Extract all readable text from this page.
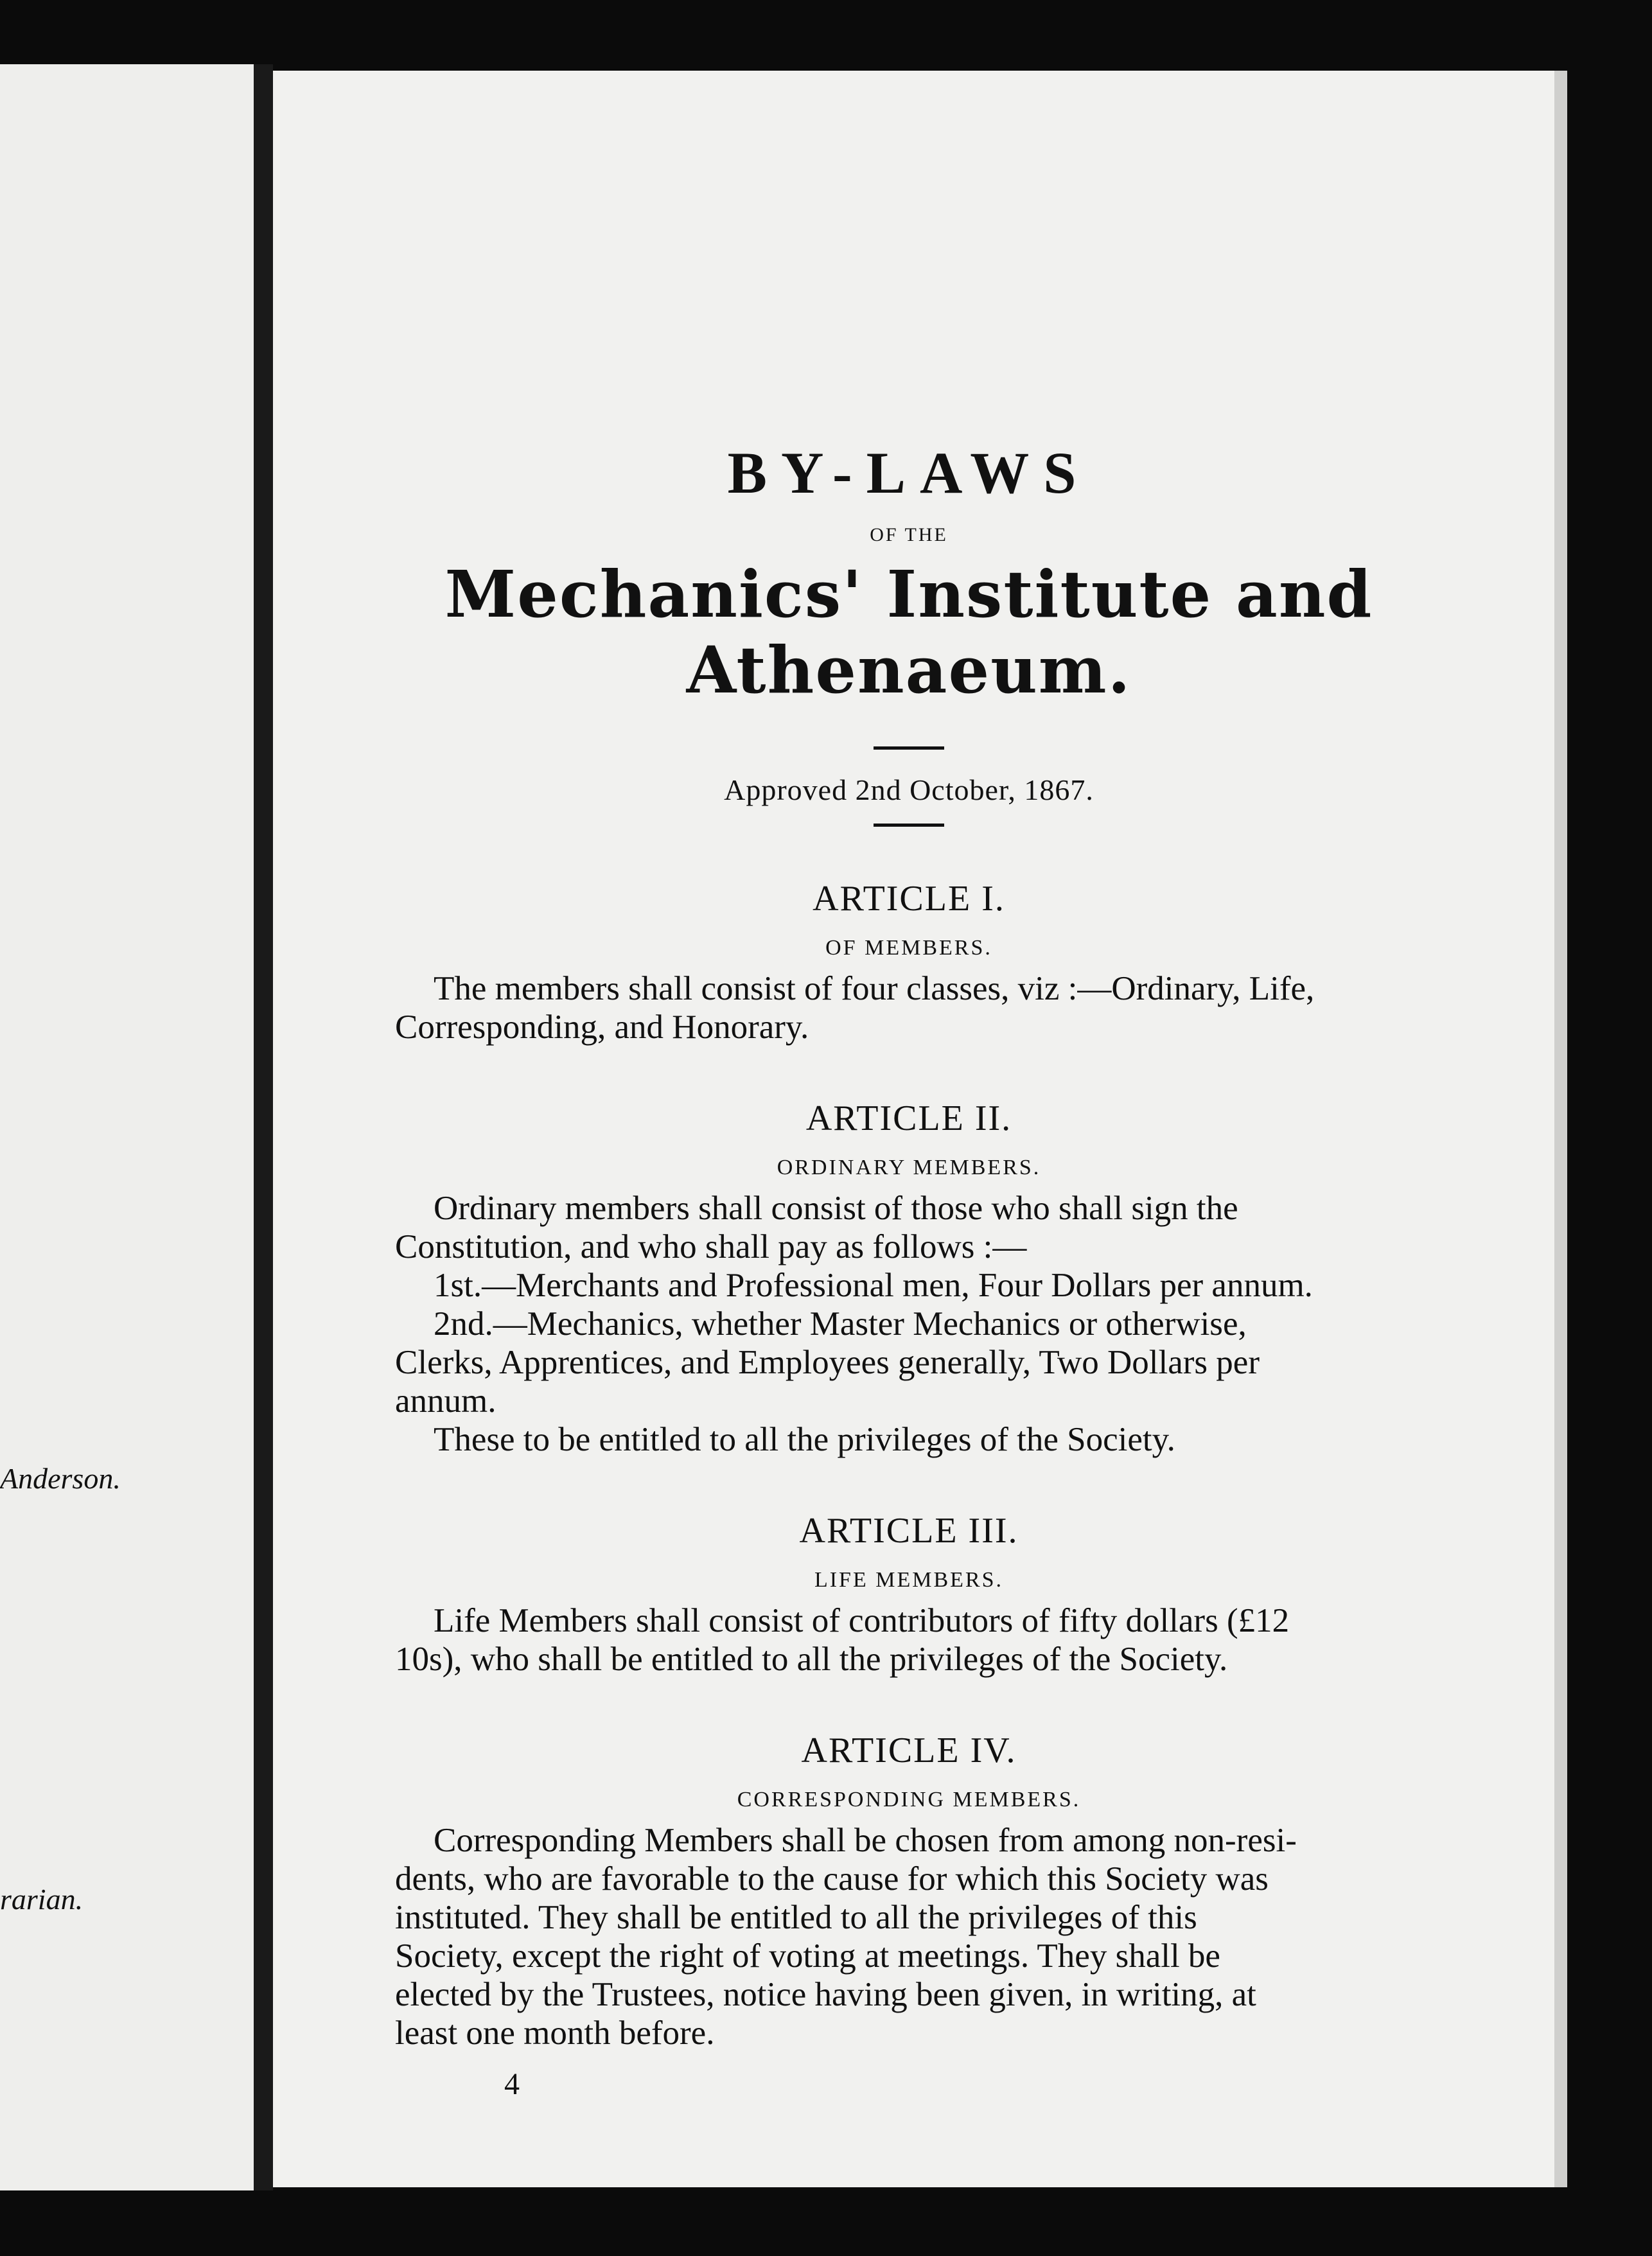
Anderson.
rarian.
BY-LAWS
OF THE
Mechanics' Institute and Athenaeum.
Approved 2nd October, 1867.
ARTICLE I.
OF MEMBERS.
The members shall consist of four classes, viz :—Ordinary, Life,
Corresponding, and Honorary.
ARTICLE II.
ORDINARY MEMBERS.
Ordinary members shall consist of those who shall sign the
Constitution, and who shall pay as follows :—
1st.—Merchants and Professional men, Four Dollars per annum.
2nd.—Mechanics, whether Master Mechanics or otherwise,
Clerks, Apprentices, and Employees generally, Two Dollars per
annum.
These to be entitled to all the privileges of the Society.
ARTICLE III.
LIFE MEMBERS.
Life Members shall consist of contributors of fifty dollars (£12
10s), who shall be entitled to all the privileges of the Society.
ARTICLE IV.
CORRESPONDING MEMBERS.
Corresponding Members shall be chosen from among non-resi-
dents, who are favorable to the cause for which this Society was
instituted. They shall be entitled to all the privileges of this
Society, except the right of voting at meetings. They shall be
elected by the Trustees, notice having been given, in writing, at
least one month before.
4
